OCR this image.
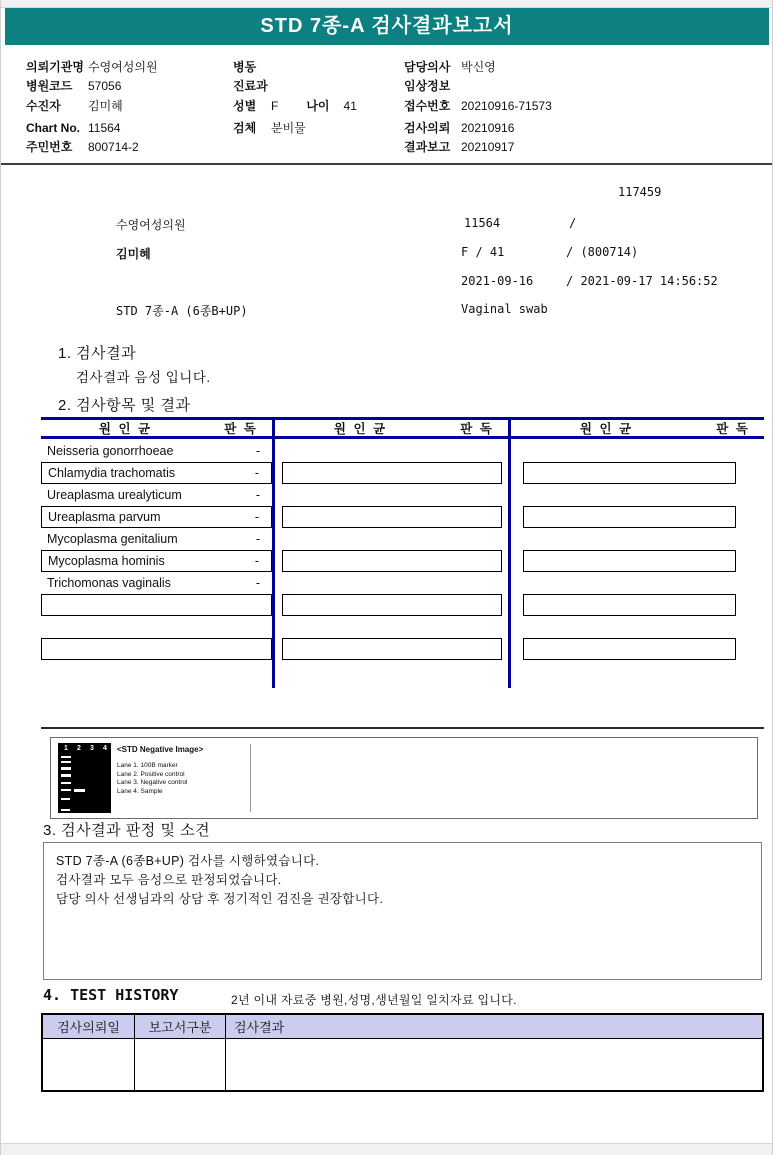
STD 7종-A 검사결과보고서
의뢰기관명 수영여성의원
병원코드	57056
수진자	김미혜
Chart No. 11564
주민번호	800714-2
병동
진료과
성별	F 나이 41
검체	분비물
담당의사 박신영
임상정보
접수번호 20210916-71573
검사의뢰 20210916
결과보고 20210917
117459
수영여성의원	11564	/
김미혜	F / 41	/ (800714)
2021-09-16	/ 2021-09-17 14:56:52
STD 7종-A (6종B+UP)	Vaginal swab
1. 검사결과
검사결과 음성 입니다.
2. 검사항목 및 결과
원 인 균	판 독
Neisseria gonorrhoeae	-
Chlamydia trachomatis	-
Ureaplasma urealyticum	-
Ureaplasma parvum	-
Mycoplasma genitalium	-
Mycoplasma hominis	-
Trichomonas vaginalis	-
원 인 균	판 독	원 인 균	판 독
1 2 3 4 <STD Negative Image>
Lane 1. 100B marker
Lane 2. Positive control
Lane 3. Negative control
Lane 4. Sample
3. 검사결과 판정 및 소견
STD 7종-A (6종B+UP) 검사를 시행하였습니다.
검사결과 모두 음성으로 판정되었습니다.
담당 의사 선생님과의 상담 후 정기적인 검진을 권장합니다.
4. TEST HISTORY	2년 이내 자료중 병원,성명,생년월일 일치자료 입니다.
검사의뢰일	보고서구분	검사결과
